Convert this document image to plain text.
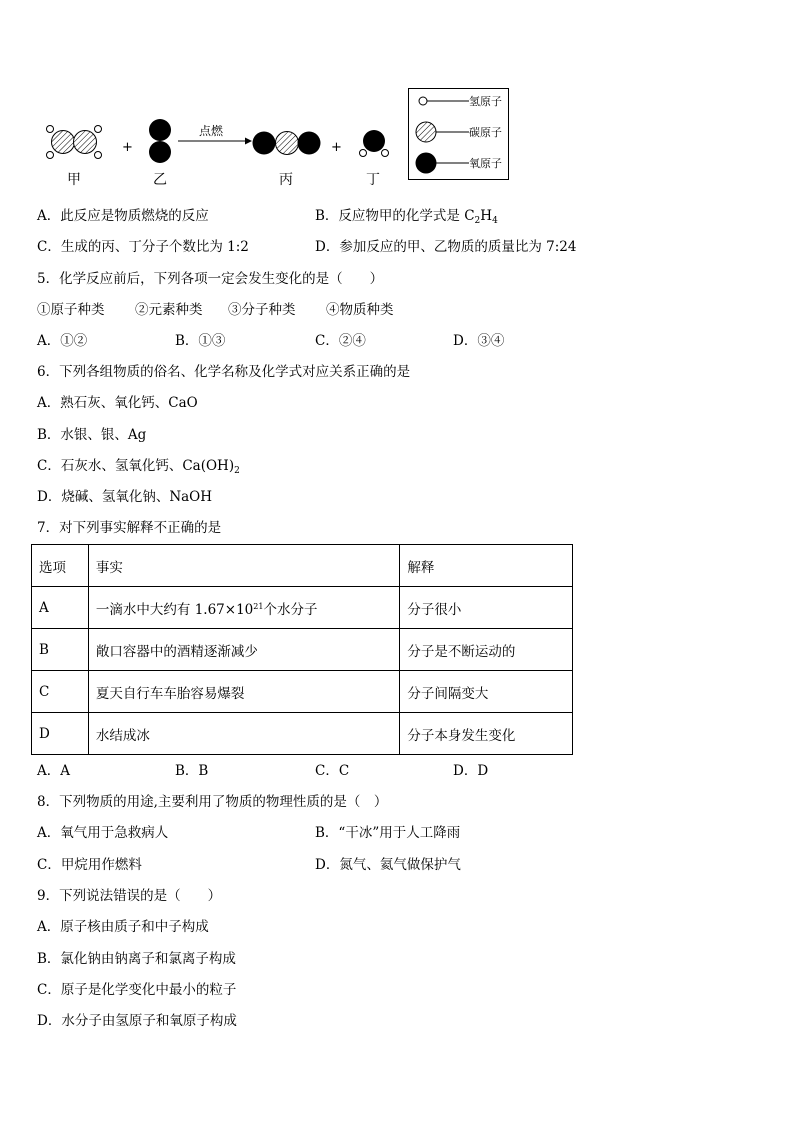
点燃
+	+
甲	乙	丙	丁
氢原子
碳原子
氧原子
A．此反应是物质燃烧的反应	B．反应物甲的化学式是 $C_2H_4$
C．生成的丙、丁分子个数比为 1:2	D．参加反应的甲、乙物质的质量比为 7:24
5．化学反应前后，下列各项一定会发生变化的是（　　）
①原子种类 ②元素种类 ③分子种类 ④物质种类
A．①②	B．①③	C．②④	D．③④
6．下列各组物质的俗名、化学名称及化学式对应关系正确的是
A．熟石灰、氧化钙、CaO
B．水银、银、Ag
C．石灰水、氢氧化钙、$Ca(OH)_2$
D．烧碱、氢氧化钠、NaOH
7．对下列事实解释不正确的是
选项	事实	解释
A	一滴水中大约有 $1.67\times 10^{21}$个水分子	分子很小
B	敞口容器中的酒精逐渐减少	分子是不断运动的
C	夏天自行车车胎容易爆裂	分子间隔变大
D	水结成冰	分子本身发生变化
A．A	B．B	C．C	D．D
8．下列物质的用途,主要利用了物质的物理性质的是（　）
A．氧气用于急救病人	B．“干冰”用于人工降雨
C．甲烷用作燃料	D．氮气、氦气做保护气
9．下列说法错误的是（　　）
A．原子核由质子和中子构成
B．氯化钠由钠离子和氯离子构成
C．原子是化学变化中最小的粒子
D．水分子由氢原子和氧原子构成
